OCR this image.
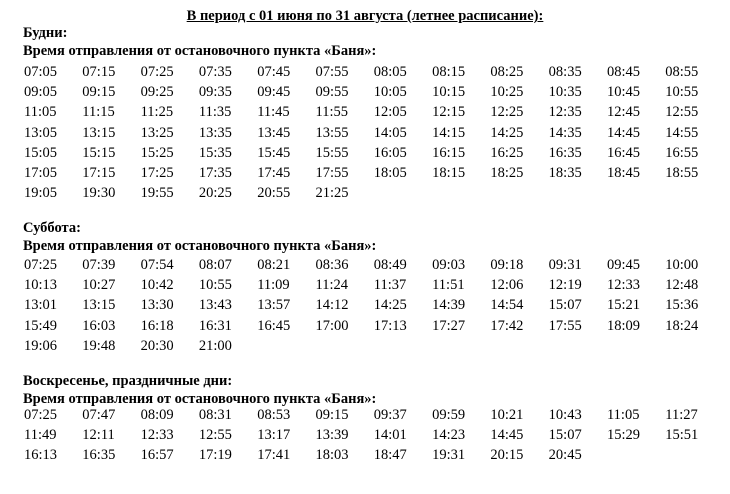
В период с 01 июня по 31 августа (летнее расписание):
Будни:
Время отправления от остановочного пункта «Баня»:
07:05	07:15	07:25	07:35	07:45	07:55	08:05	08:15	08:25	08:35	08:45	08:55
09:05	09:15	09:25	09:35	09:45	09:55	10:05	10:15	10:25	10:35	10:45	10:55
11:05	11:15	11:25	11:35	11:45	11:55	12:05	12:15	12:25	12:35	12:45	12:55
13:05	13:15	13:25	13:35	13:45	13:55	14:05	14:15	14:25	14:35	14:45	14:55
15:05	15:15	15:25	15:35	15:45	15:55	16:05	16:15	16:25	16:35	16:45	16:55
17:05	17:15	17:25	17:35	17:45	17:55	18:05	18:15	18:25	18:35	18:45	18:55
19:05	19:30	19:55	20:25	20:55	21:25						
Суббота:
Время отправления от остановочного пункта «Баня»:
07:25	07:39	07:54	08:07	08:21	08:36	08:49	09:03	09:18	09:31	09:45	10:00
10:13	10:27	10:42	10:55	11:09	11:24	11:37	11:51	12:06	12:19	12:33	12:48
13:01	13:15	13:30	13:43	13:57	14:12	14:25	14:39	14:54	15:07	15:21	15:36
15:49	16:03	16:18	16:31	16:45	17:00	17:13	17:27	17:42	17:55	18:09	18:24
19:06	19:48	20:30	21:00								
Воскресенье, праздничные дни:
Время отправления от остановочного пункта «Баня»:
07:25	07:47	08:09	08:31	08:53	09:15	09:37	09:59	10:21	10:43	11:05	11:27
11:49	12:11	12:33	12:55	13:17	13:39	14:01	14:23	14:45	15:07	15:29	15:51
16:13	16:35	16:57	17:19	17:41	18:03	18:47	19:31	20:15	20:45		
